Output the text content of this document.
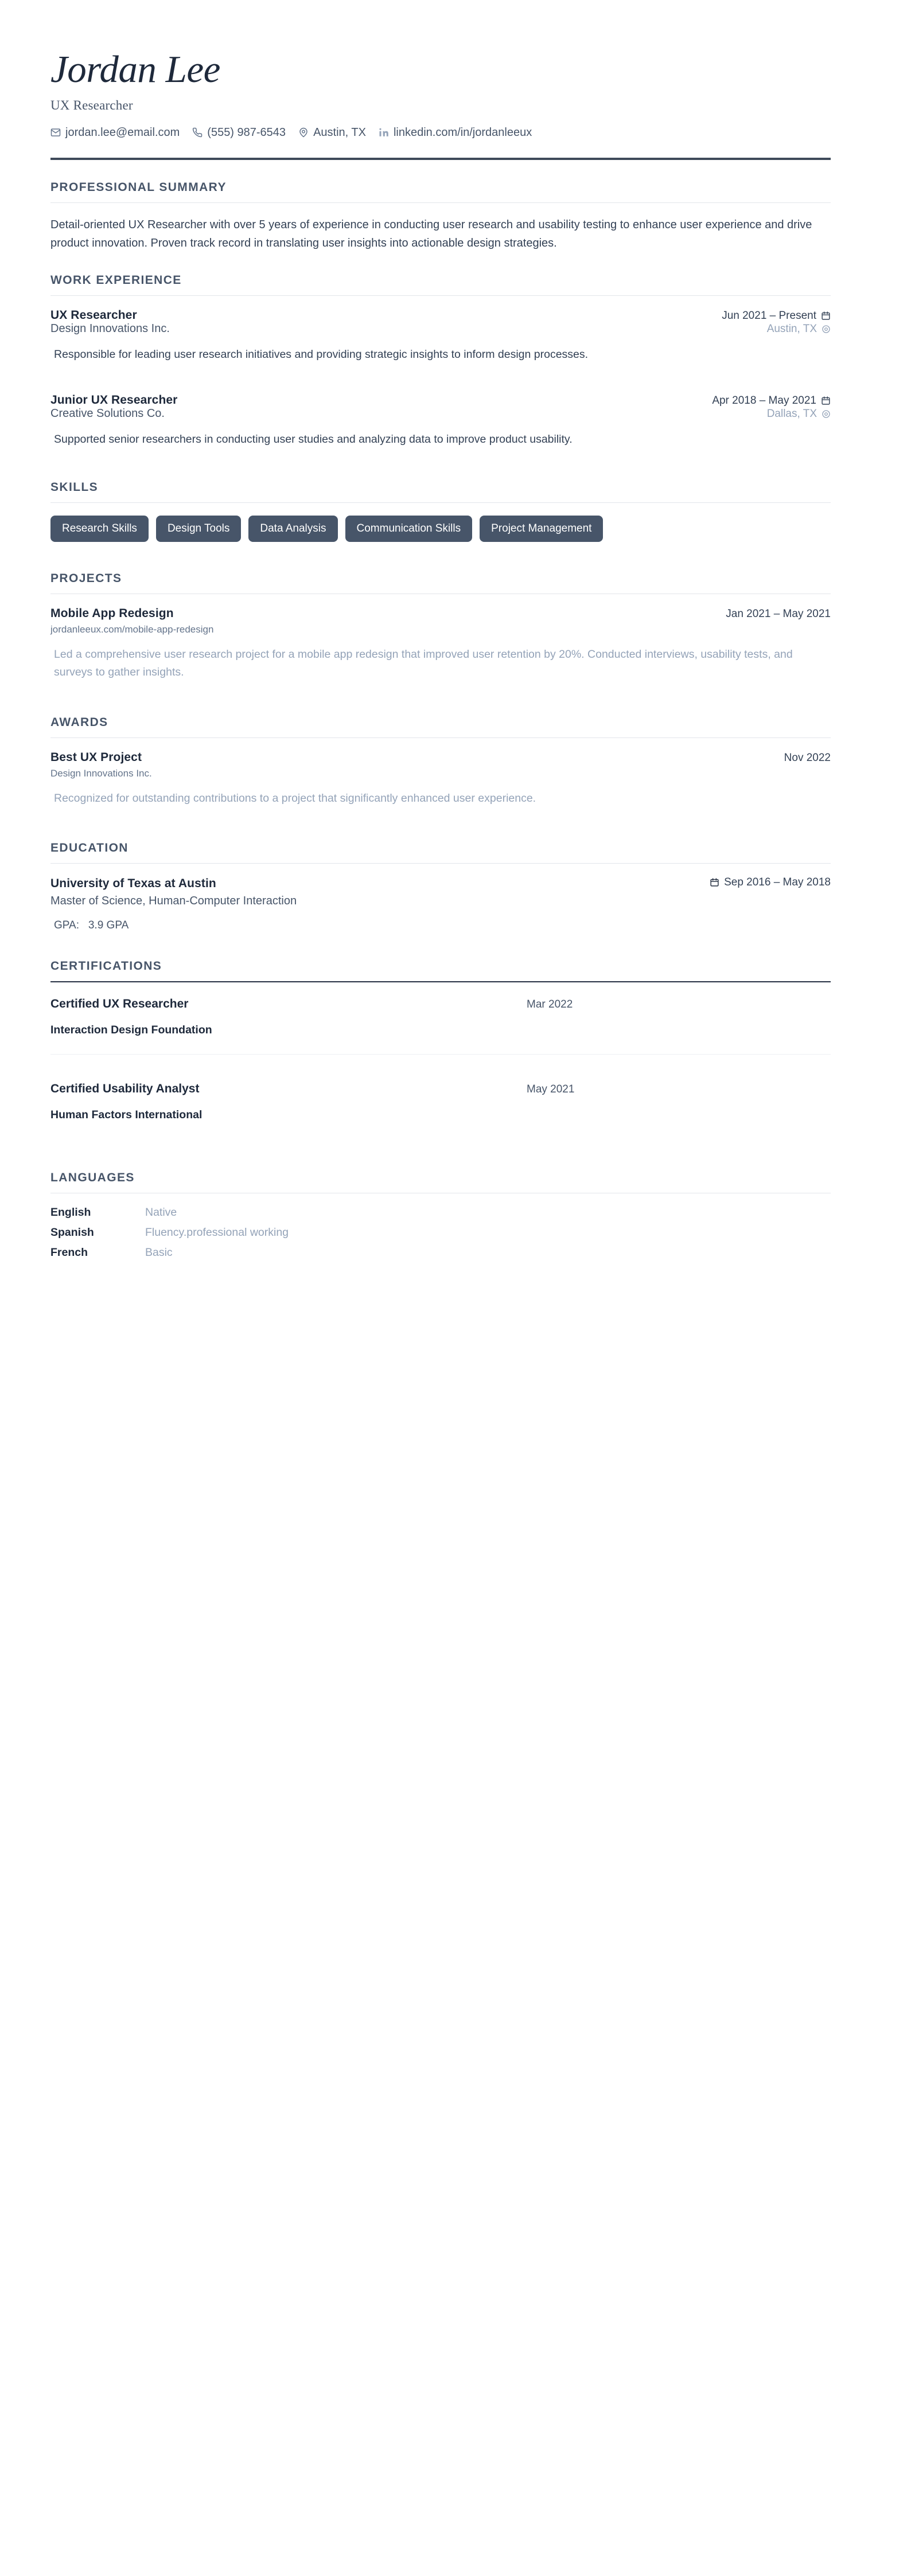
Jordan Lee
UX Researcher
jordan.lee@email.com (555) 987-6543 Austin, TX linkedin.com/in/jordanleeux
PROFESSIONAL SUMMARY

Detail-oriented UX Researcher with over 5 years of experience in conducting user research and usability testing to enhance user experience and drive product innovation. Proven track record in translating user insights into actionable design strategies.

WORK EXPERIENCE
UX Researcher	Jun 2021 – Present
Design Innovations Inc.	Austin, TX

Responsible for leading user research initiatives and providing strategic insights to inform design processes.

Junior UX Researcher	Apr 2018 – May 2021
Creative Solutions Co.	Dallas, TX

Supported senior researchers in conducting user studies and analyzing data to improve product usability.

SKILLS
Research Skills	Design Tools	Data Analysis	Communication Skills	Project Management
PROJECTS
Mobile App Redesign	Jan 2021 – May 2021
jordanleeux.com/mobile-app-redesign

Led a comprehensive user research project for a mobile app redesign that improved user retention by 20%. Conducted interviews, usability tests, and surveys to gather insights.

AWARDS
Best UX Project	Nov 2022
Design Innovations Inc.

Recognized for outstanding contributions to a project that significantly enhanced user experience.

EDUCATION
University of Texas at Austin	Sep 2016 – May 2018
Master of Science, Human-Computer Interaction
GPA: 3.9 GPA
CERTIFICATIONS
Certified UX Researcher	Mar 2022
Interaction Design Foundation
Certified Usability Analyst	May 2021
Human Factors International
LANGUAGES
English	Native
Spanish	Fluency.professional working
French	Basic
